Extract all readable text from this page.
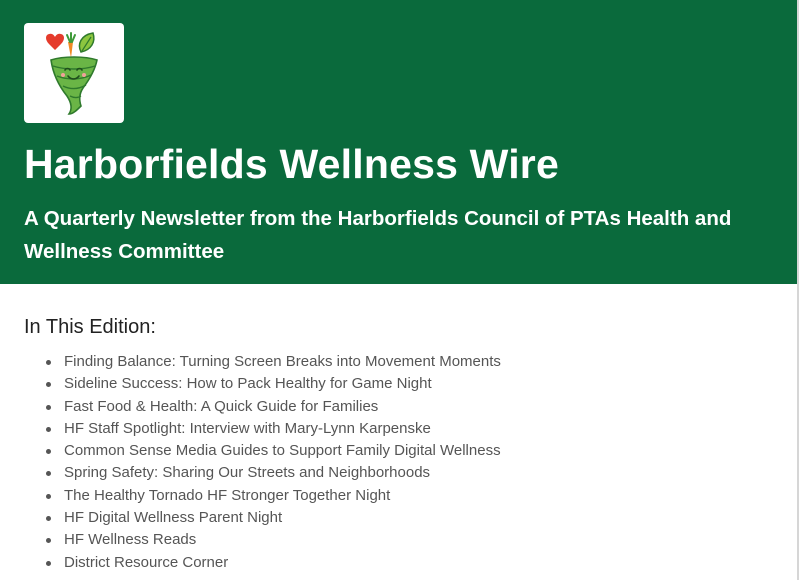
Harborfields Wellness Wire
A Quarterly Newsletter from the Harborfields Council of PTAs Health and Wellness Committee
In This Edition:
Finding Balance: Turning Screen Breaks into Movement Moments
Sideline Success: How to Pack Healthy for Game Night
Fast Food & Health: A Quick Guide for Families
HF Staff Spotlight: Interview with Mary-Lynn Karpenske
Common Sense Media Guides to Support Family Digital Wellness
Spring Safety: Sharing Our Streets and Neighborhoods
The Healthy Tornado HF Stronger Together Night
HF Digital Wellness Parent Night
HF Wellness Reads
District Resource Corner
